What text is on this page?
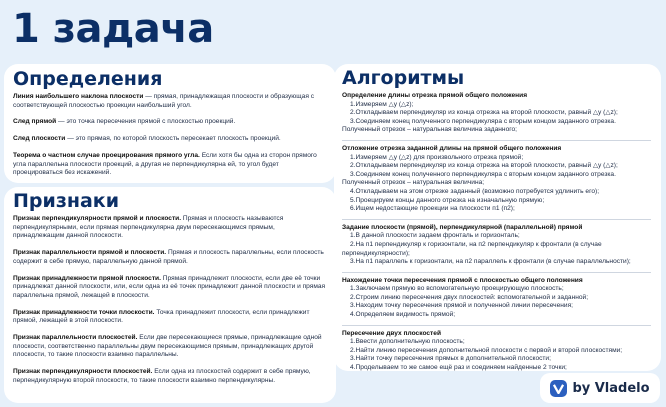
1 задача
Определения

Линия наибольшего наклона плоскости — прямая, принадлежащая плоскости и образующая с соответствующей плоскостью проекции наибольший угол.

След прямой — это точка пересечения прямой с плоскостью проекций.

След плоскости — это прямая, по которой плоскость пересекает плоскость проекций.

Теорема о частном случае проецирования прямого угла. Если хотя бы одна из сторон прямого угла параллельна плоскости проекций, а другая не перпендикулярна ей, то угол будет проецироваться без искажений.

Признаки

Признак перпендикулярности прямой и плоскости. Прямая и плоскость называются перпендикулярными, если прямая перпендикулярна двум пересекающимся прямым, принадлежащим данной плоскости.

Признак параллельности прямой и плоскости. Прямая и плоскость параллельны, если плоскость содержит в себе прямую, параллельную данной прямой.

Признак принадлежности прямой плоскости. Прямая принадлежит плоскости, если две её точки принадлежат данной плоскости, или, если одна из её точек принадлежит данной плоскости и прямая параллельна прямой, лежащей в плоскости.

Признак принадлежности точки плоскости. Точка принадлежит плоскости, если принадлежит прямой, лежащей в этой плоскости.

Признак параллельности плоскостей. Если две пересекающиеся прямые, принадлежащие одной плоскости, соответственно параллельны двум пересекающимся прямым, принадлежащих другой плоскости, то такие плоскости взаимно параллельны.

Признак перпендикулярности плоскостей. Если одна из плоскостей содержит в себе прямую, перпендикулярную второй плоскости, то такие плоскости взаимно перпендикулярны.

Алгоритмы

Определение длины отрезка прямой общего положения

1.Измеряем △y (△z);

2.Откладываем перпендикуляр из конца отрезка на второй плоскости, равный △y (△z);

3.Соединяем конец полученного перпендикуляра с вторым концом заданного отрезка.

Полученный отрезок – натуральная величина заданного;

Отложение отрезка заданной длины на прямой общего положения

1.Измеряем △y (△z) для произвольного отрезка прямой;

2.Откладываем перпендикуляр из конца отрезка на второй плоскости, равный △y (△z);

3.Соединяем конец полученного перпендикуляра с вторым концом заданного отрезка.

Полученный отрезок – натуральная величина;

4.Откладываем на этом отрезке заданный (возможно потребуется удлинить его);

5.Проецируем концы данного отрезка на изначальную прямую;

6.Ищем недостающие проекции на плоскости п1 (п2);

Задание плоскости (прямой), перпендикулярной (параллельной) прямой

1.В данной плоскости задаем фронталь и горизонталь;

2.На п1 перпендикуляр к горизонтали, на п2 перпендикуляр к фронтали (в случае

перпендикулярности);

3.На п1 параллель к горизонтали, на п2 параллель к фронтали (в случае параллельности);

Нахождение точки пересечения прямой с плоскостью общего положения

1.Заключаем прямую во вспомогательную проецирующую плоскость;

2.Строим линию пересечения двух плоскостей: вспомогательной и заданной;

3.Находим точку пересечения прямой и полученной линии пересечения;

4.Определяем видимость прямой;

Пересечение двух плоскостей

1.Ввести дополнительную плоскость;

2.Найти линию пересечения дополнительной плоскости с первой и второй плоскостями;

3.Найти точку пересечения прямых в дополнительной плоскости;

4.Проделываем то же самое ещё раз и соединяем найденные 2 точки;

by Vladelo
